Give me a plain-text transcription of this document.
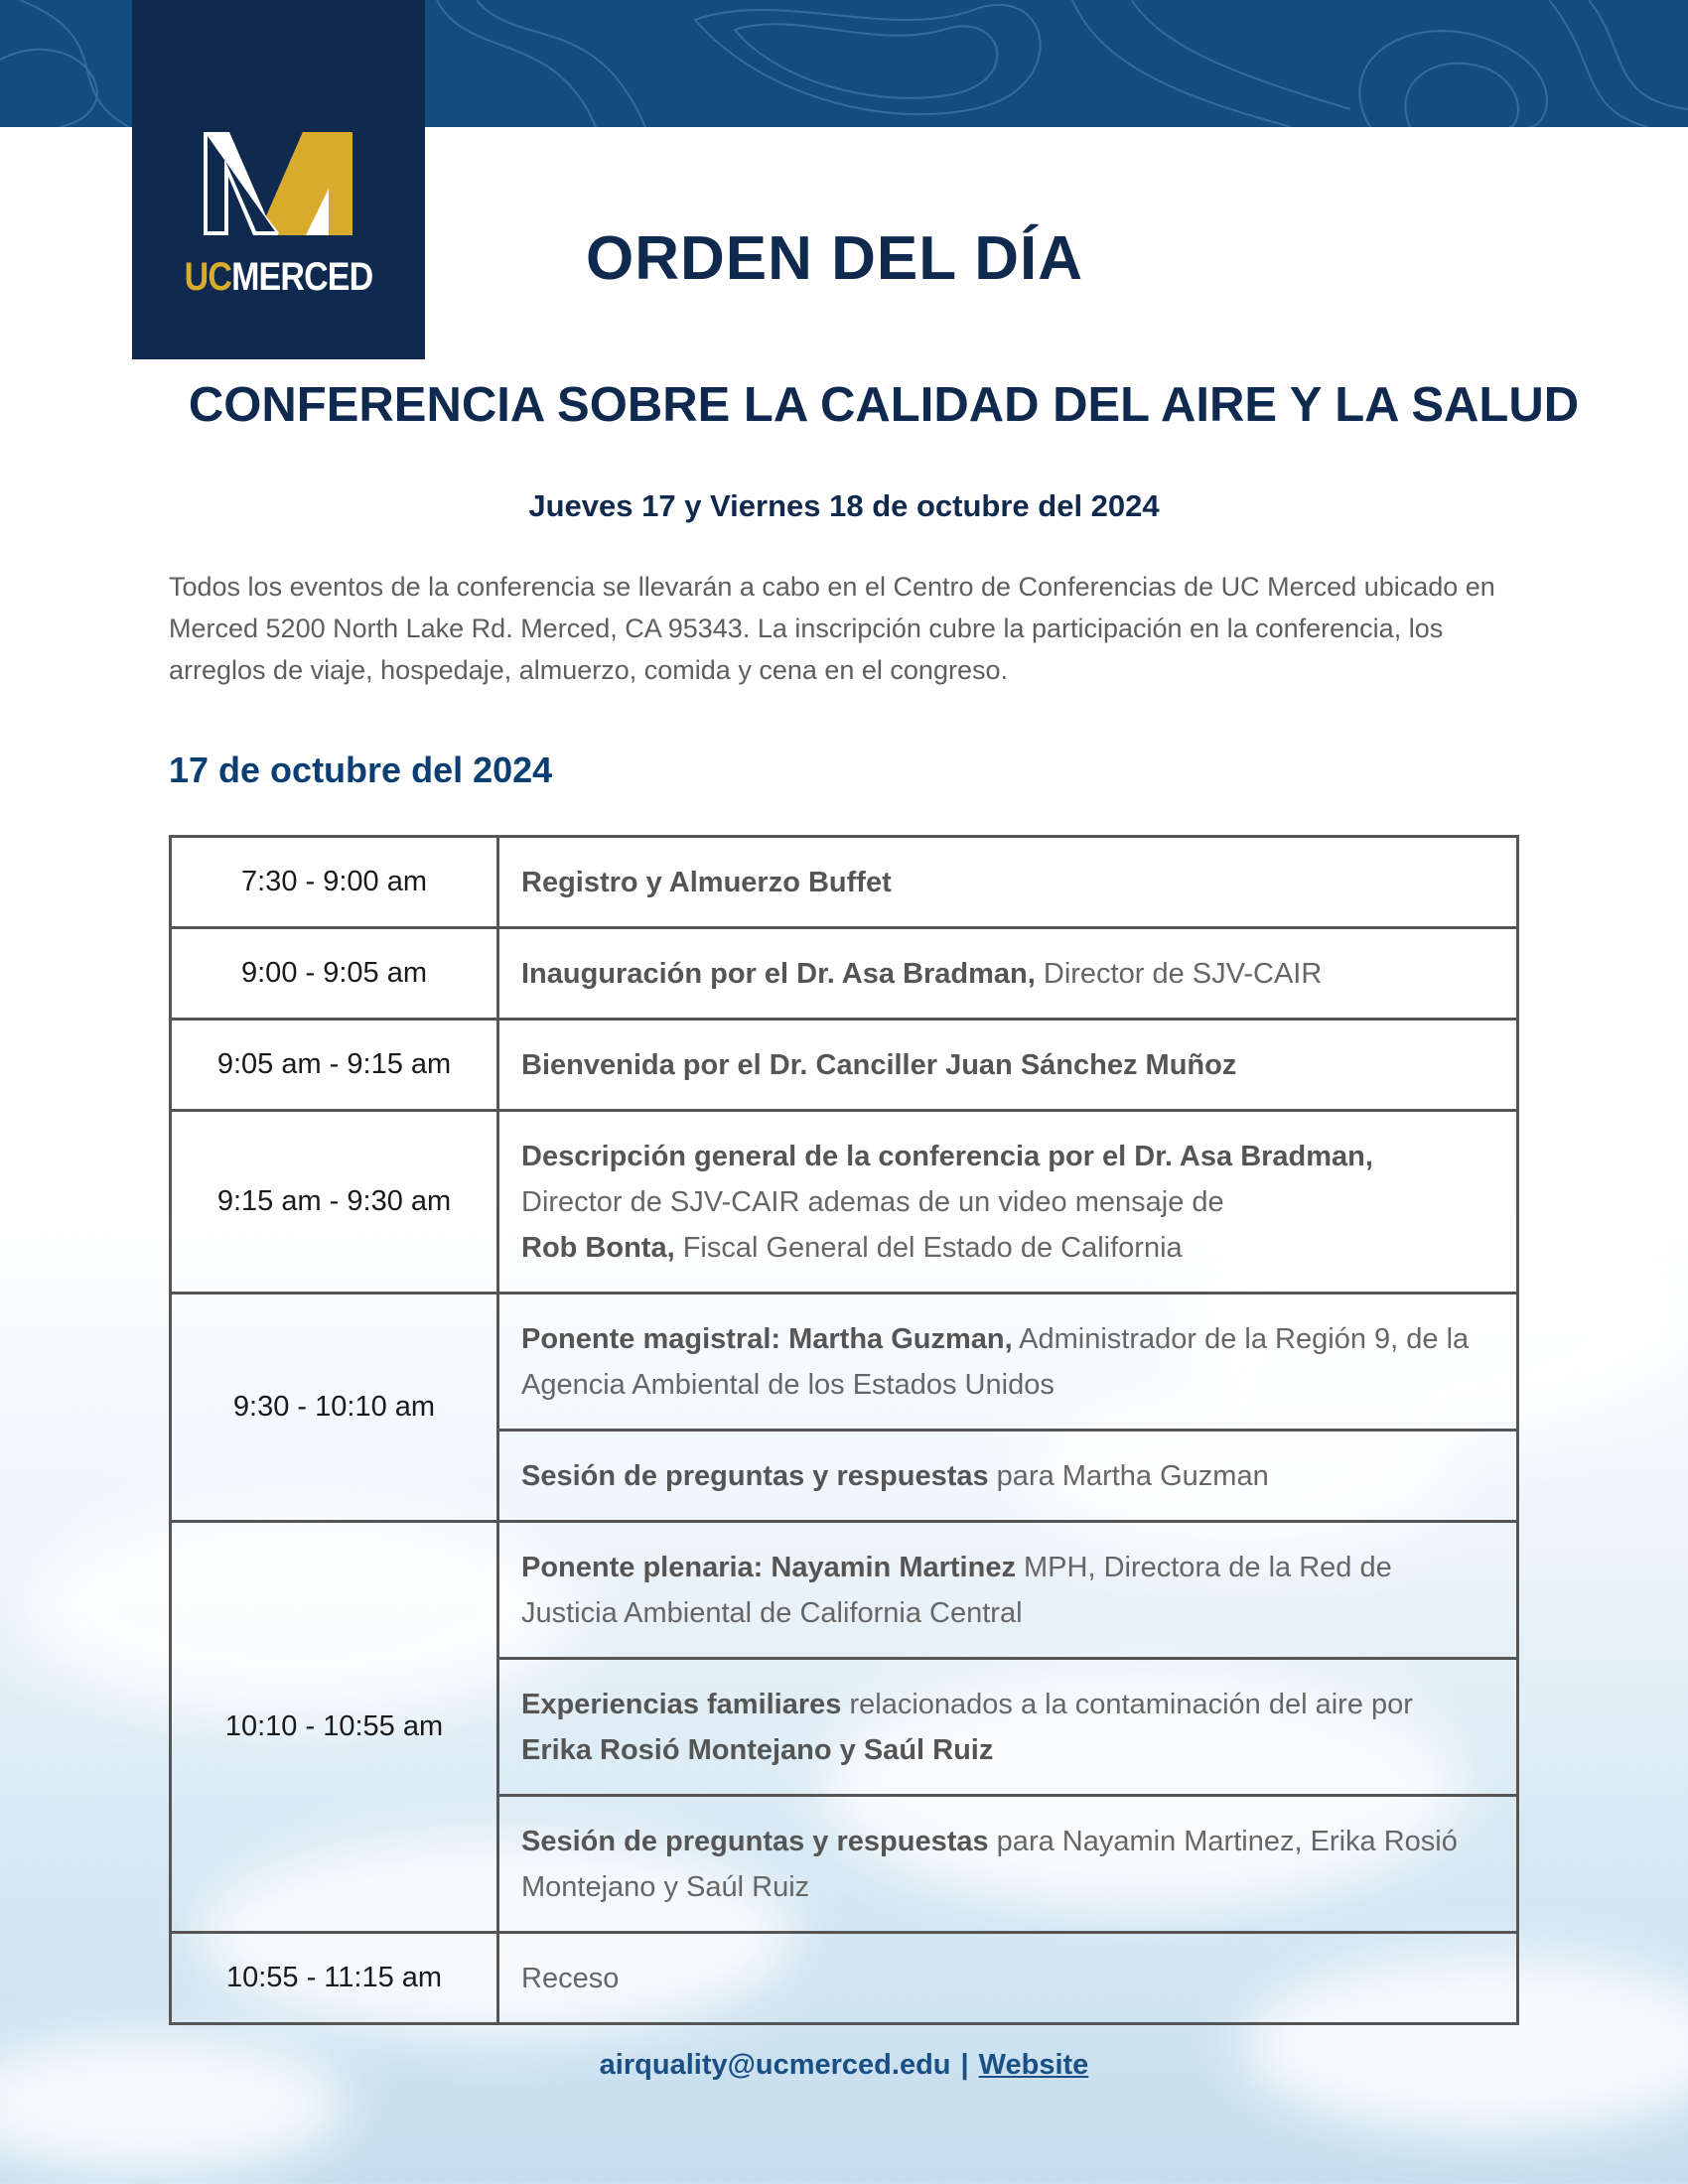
UCMERCED	ORDEN DEL DÍA
CONFERENCIA SOBRE LA CALIDAD DEL AIRE Y LA SALUD
Jueves 17 y Viernes 18 de octubre del 2024

Todos los eventos de la conferencia se llevarán a cabo en el Centro de Conferencias de UC Merced ubicado en Merced 5200 North Lake Rd. Merced, CA 95343. La inscripción cubre la participación en la conferencia, los arreglos de viaje, hospedaje, almuerzo, comida y cena en el congreso.

17 de octubre del 2024
7:30 - 9:00 am	Registro y Almuerzo Buffet
9:00 - 9:05 am	Inauguración por el Dr. Asa Bradman, Director de SJV-CAIR
9:05 am - 9:15 am	Bienvenida por el Dr. Canciller Juan Sánchez Muñoz
9:15 am - 9:30 am	Descripción general de la conferencia por el Dr. Asa Bradman,
Director de SJV-CAIR ademas de un video mensaje de
Rob Bonta, Fiscal General del Estado de California
9:30 - 10:10 am	Ponente magistral: Martha Guzman, Administrador de la Región 9, de la Agencia Ambiental de los Estados Unidos
	Sesión de preguntas y respuestas para Martha Guzman
10:10 - 10:55 am	Ponente plenaria: Nayamin Martinez MPH, Directora de la Red de Justicia Ambiental de California Central
	Experiencias familiares relacionados a la contaminación del aire por
Erika Rosió Montejano y Saúl Ruiz
	Sesión de preguntas y respuestas para Nayamin Martinez, Erika Rosió Montejano y Saúl Ruiz
10:55 - 11:15 am	Receso
airquality@ucmerced.edu | Website
